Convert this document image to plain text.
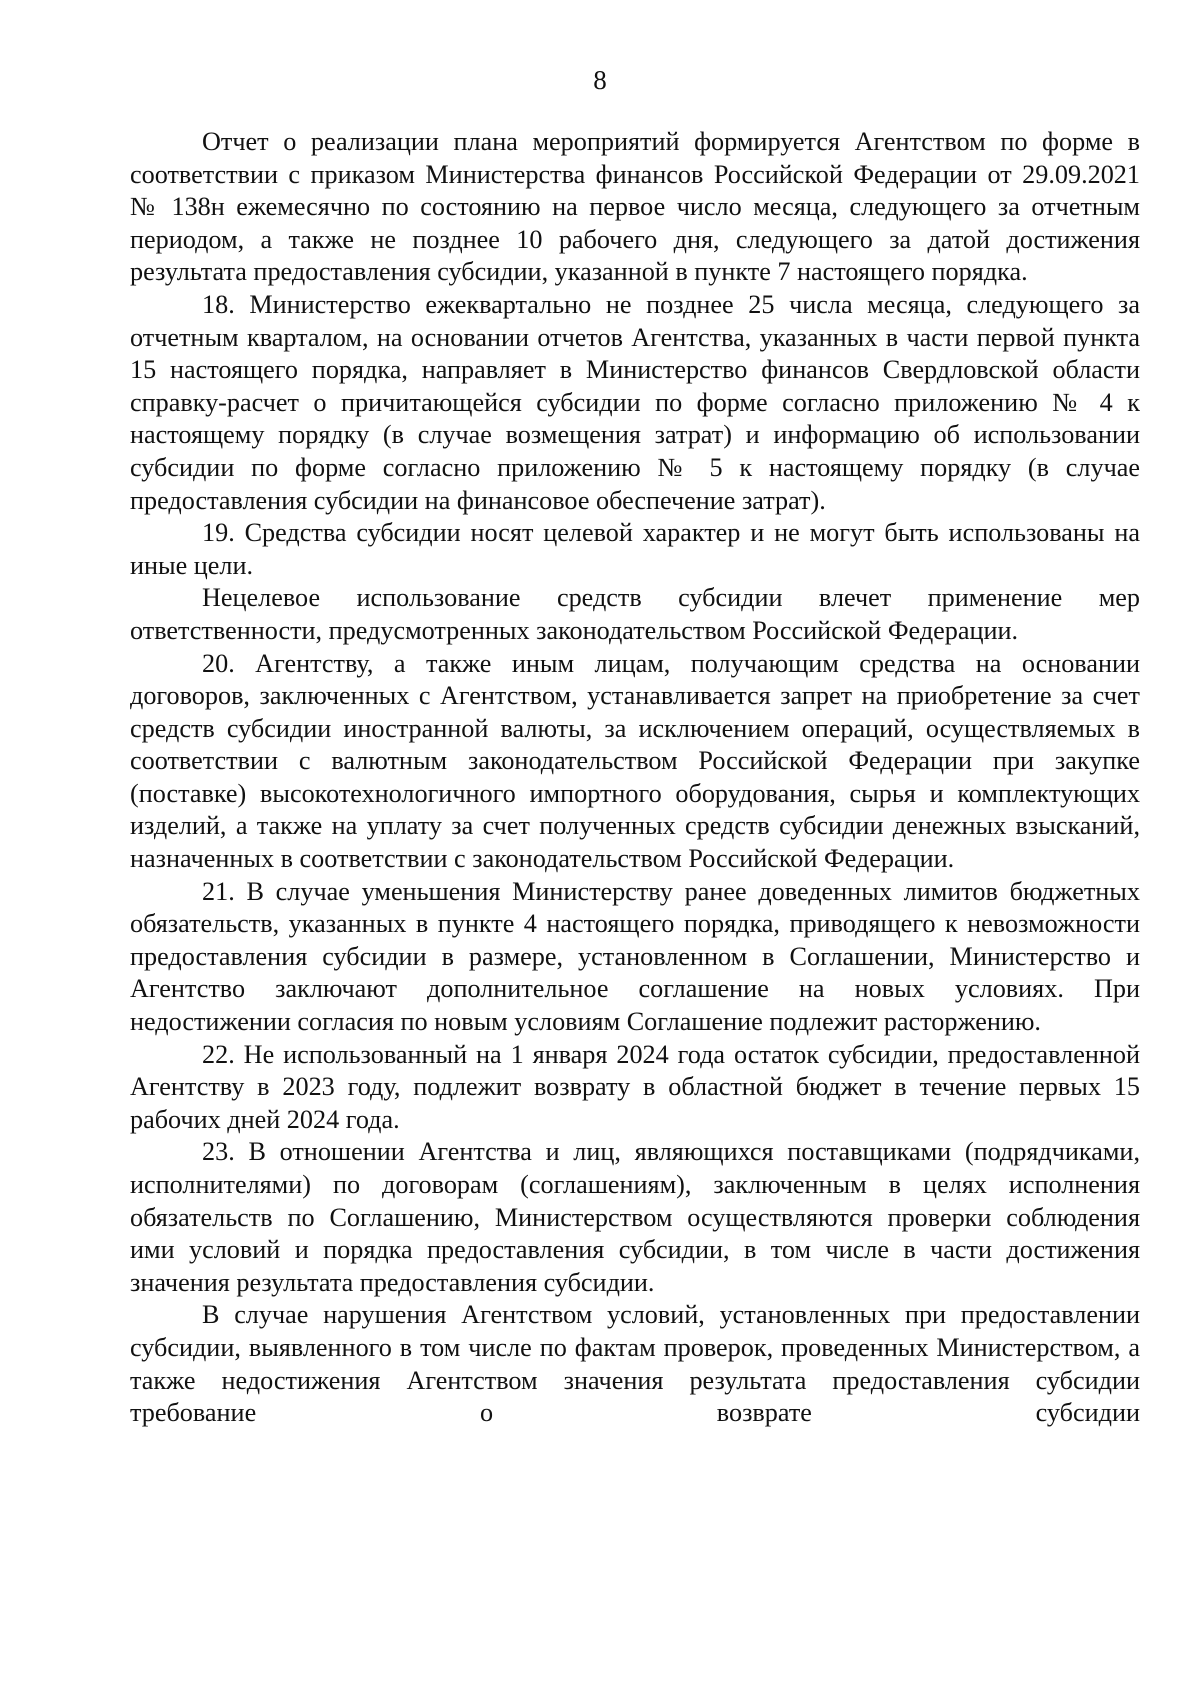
8

Отчет о реализации плана мероприятий формируется Агентством по форме в соответствии с приказом Министерства финансов Российской Федерации от 29.09.2021 № 138н ежемесячно по состоянию на первое число месяца, следующего за отчетным периодом, а также не позднее 10 рабочего дня, следующего за датой достижения результата предоставления субсидии, указанной в пункте 7 настоящего порядка.

18. Министерство ежеквартально не позднее 25 числа месяца, следующего за отчетным кварталом, на основании отчетов Агентства, указанных в части первой пункта 15 настоящего порядка, направляет в Министерство финансов Свердловской области справку-расчет о причитающейся субсидии по форме согласно приложению № 4 к настоящему порядку (в случае возмещения затрат) и информацию об использовании субсидии по форме согласно приложению № 5 к настоящему порядку (в случае предоставления субсидии на финансовое обеспечение затрат).

19. Средства субсидии носят целевой характер и не могут быть использованы на иные цели.

Нецелевое использование средств субсидии влечет применение мер ответственности, предусмотренных законодательством Российской Федерации.

20. Агентству, а также иным лицам, получающим средства на основании договоров, заключенных с Агентством, устанавливается запрет на приобретение за счет средств субсидии иностранной валюты, за исключением операций, осуществляемых в соответствии с валютным законодательством Российской Федерации при закупке (поставке) высокотехнологичного импортного оборудования, сырья и комплектующих изделий, а также на уплату за счет полученных средств субсидии денежных взысканий, назначенных в соответствии с законодательством Российской Федерации.

21. В случае уменьшения Министерству ранее доведенных лимитов бюджетных обязательств, указанных в пункте 4 настоящего порядка, приводящего к невозможности предоставления субсидии в размере, установленном в Соглашении, Министерство и Агентство заключают дополнительное соглашение на новых условиях. При недостижении согласия по новым условиям Соглашение подлежит расторжению.

22. Не использованный на 1 января 2024 года остаток субсидии, предоставленной Агентству в 2023 году, подлежит возврату в областной бюджет в течение первых 15 рабочих дней 2024 года.

23. В отношении Агентства и лиц, являющихся поставщиками (подрядчиками, исполнителями) по договорам (соглашениям), заключенным в целях исполнения обязательств по Соглашению, Министерством осуществляются проверки соблюдения ими условий и порядка предоставления субсидии, в том числе в части достижения значения результата предоставления субсидии.

В случае нарушения Агентством условий, установленных при предоставлении субсидии, выявленного в том числе по фактам проверок, проведенных Министерством, а также недостижения Агентством значения результата предоставления субсидии требование о возврате субсидии
